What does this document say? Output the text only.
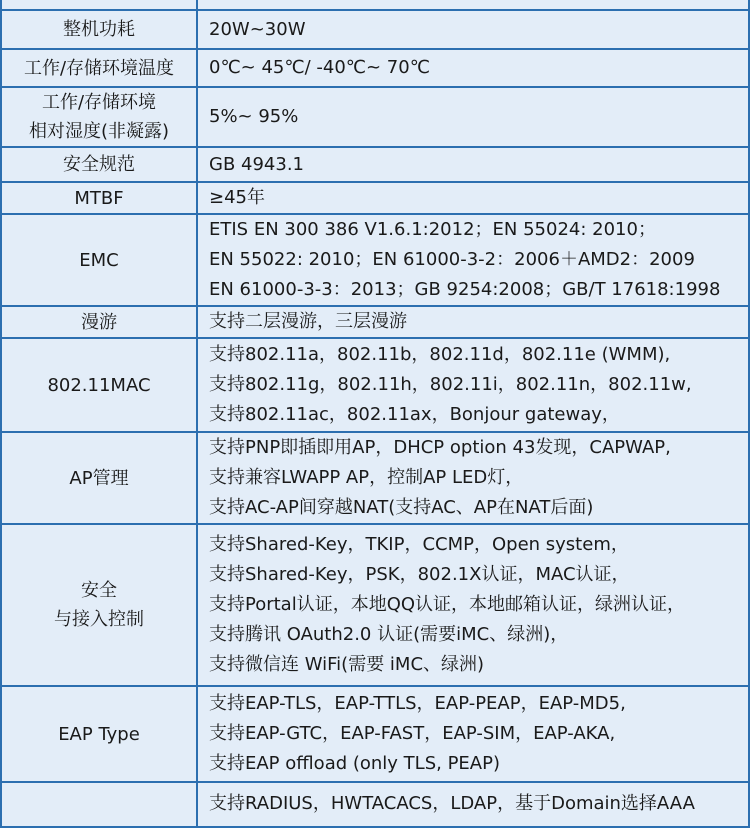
整机功耗	20W~30W

工作/存储环境温度	0℃~ 45℃/ -40℃~ 70℃

工作/存储环境
相对湿度(非凝露)	5%~ 95%

安全规范	GB 4943.1

MTBF	≥45年

EMC	ETIS EN 300 386 V1.6.1:2012；EN 55024: 2010；
EN 55022: 2010；EN 61000-3-2：2006＋AMD2：2009
EN 61000-3-3：2013；GB 9254:2008；GB/T 17618:1998

漫游	支持二层漫游，三层漫游

802.11MAC	支持802.11a，802.11b，802.11d，802.11e (WMM),
支持802.11g，802.11h，802.11i，802.11n，802.11w,
支持802.11ac，802.11ax，Bonjour gateway，

AP管理	支持PNP即插即用AP，DHCP option 43发现，CAPWAP,
支持兼容LWAPP AP，控制AP LED灯，
支持AC-AP间穿越NAT(支持AC、AP在NAT后面)

安全
与接入控制	支持Shared-Key，TKIP，CCMP，Open system，
支持Shared-Key，PSK，802.1X认证，MAC认证，
支持Portal认证，本地QQ认证，本地邮箱认证，绿洲认证，
支持腾讯 OAuth2.0 认证(需要iMC、绿洲)，
支持微信连 WiFi(需要 iMC、绿洲)

EAP Type	支持EAP-TLS，EAP-TTLS，EAP-PEAP，EAP-MD5,
支持EAP-GTC，EAP-FAST，EAP-SIM，EAP-AKA,
支持EAP offload (only TLS, PEAP)

	支持RADIUS，HWTACACS，LDAP，基于Domain选择AAA
